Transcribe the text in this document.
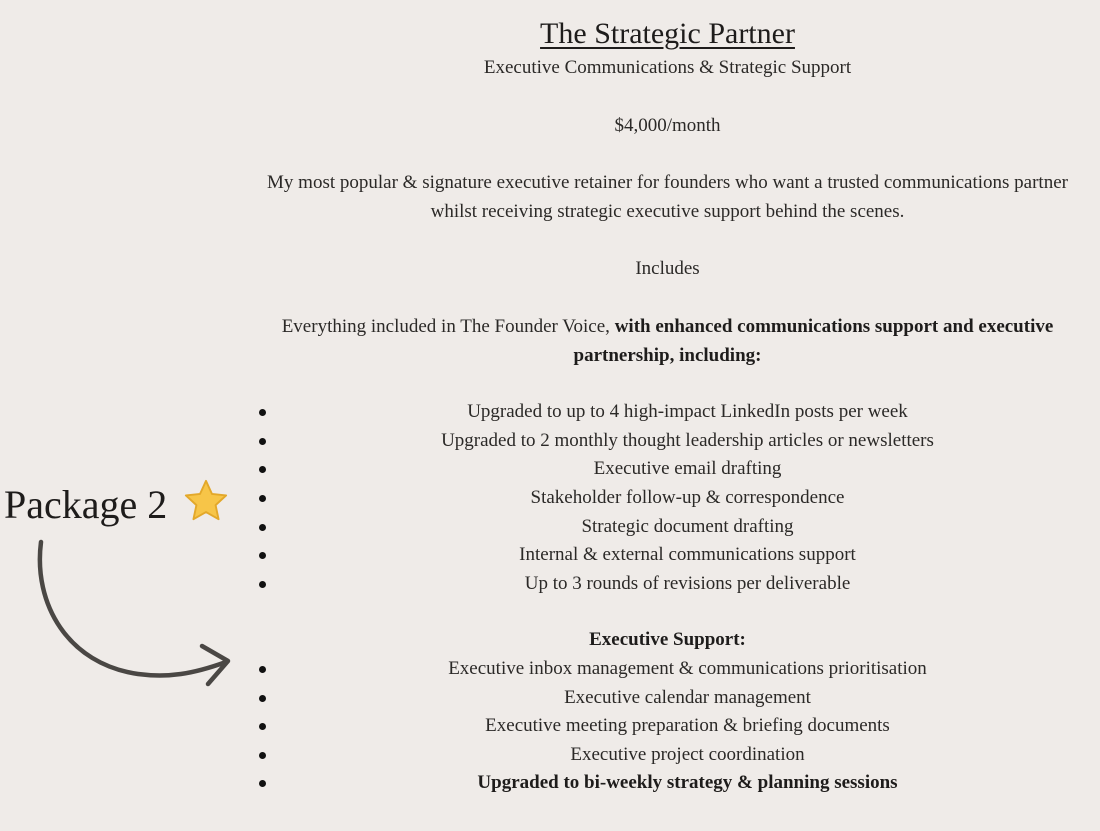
Package 2
The Strategic Partner

Executive Communications & Strategic Support

$4,000/month

My most popular & signature executive retainer for founders who want a trusted communications partner whilst receiving strategic executive support behind the scenes.

Includes

Everything included in The Founder Voice, with enhanced communications support and executive partnership, including:

Upgraded to up to 4 high-impact LinkedIn posts per week
Upgraded to 2 monthly thought leadership articles or newsletters
Executive email drafting
Stakeholder follow-up & correspondence
Strategic document drafting
Internal & external communications support
Up to 3 rounds of revisions per deliverable

Executive Support:

Executive inbox management & communications prioritisation
Executive calendar management
Executive meeting preparation & briefing documents
Executive project coordination
Upgraded to bi-weekly strategy & planning sessions
